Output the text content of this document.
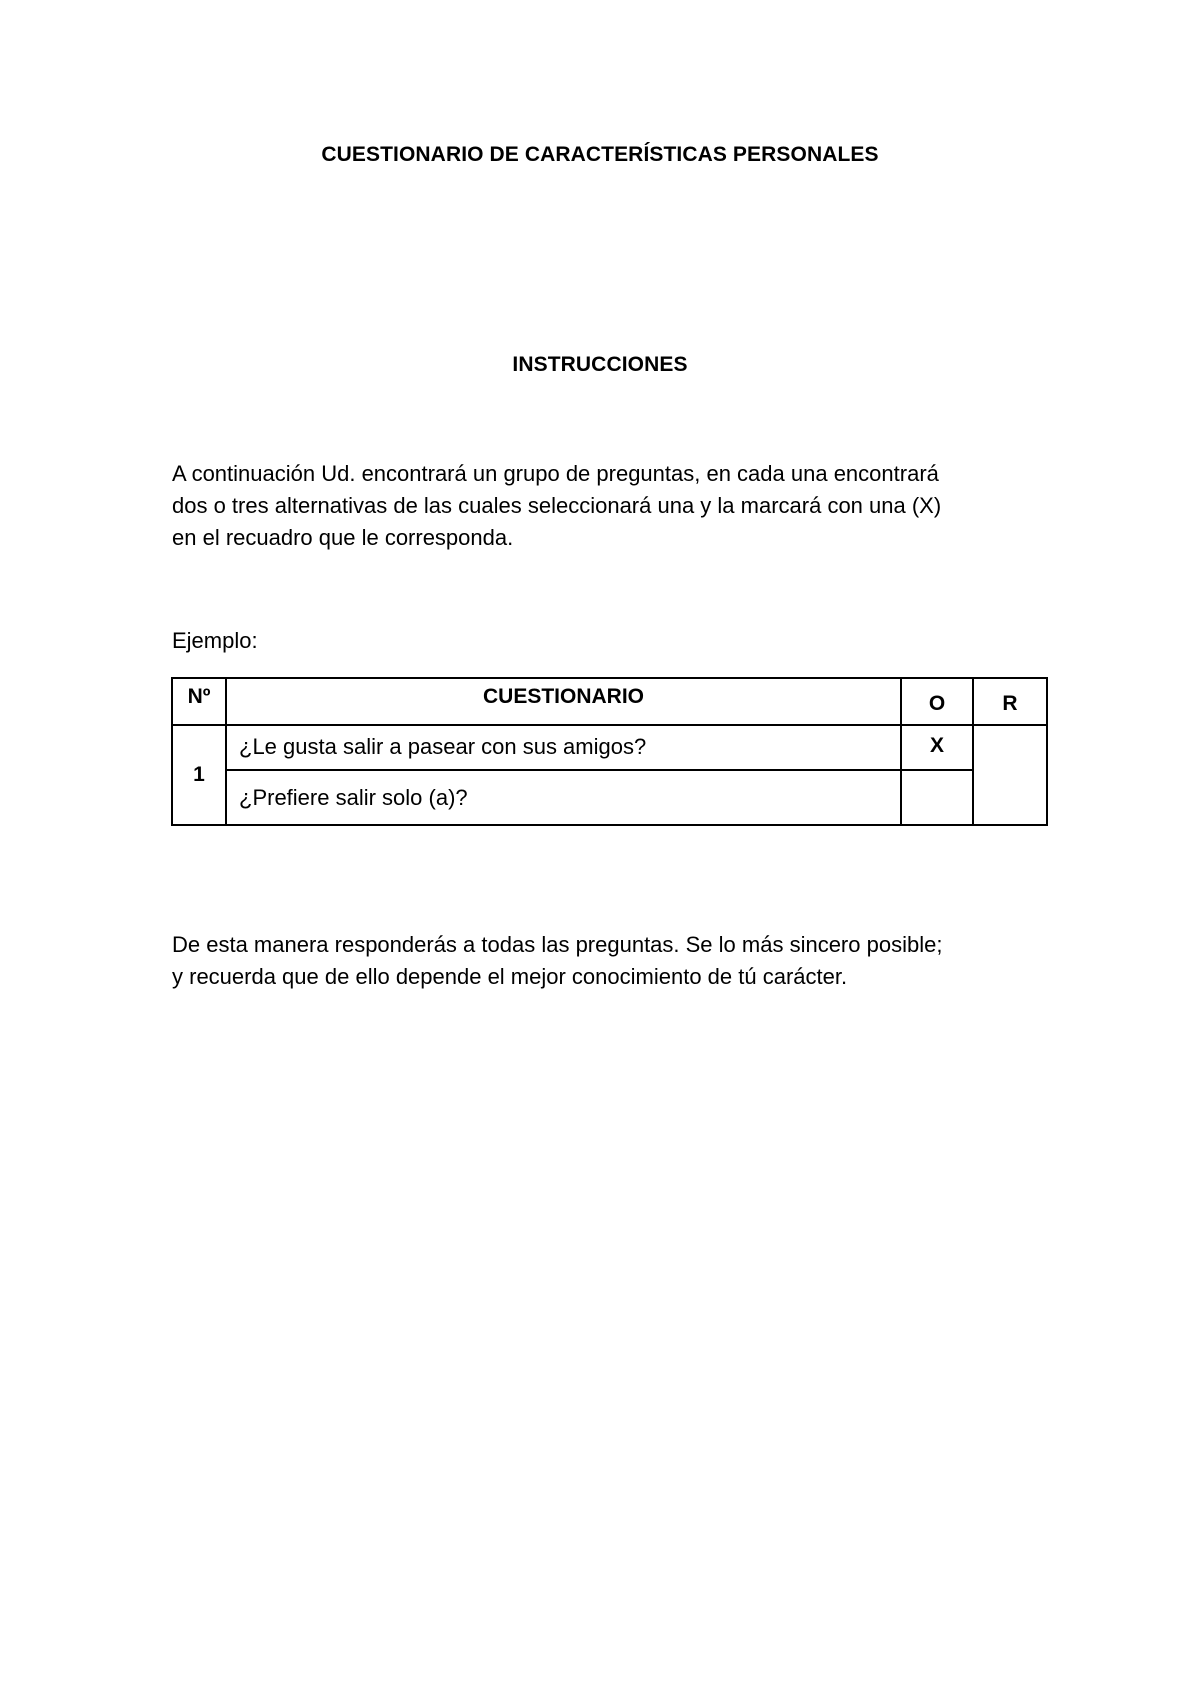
CUESTIONARIO DE CARACTERÍSTICAS PERSONALES
INSTRUCCIONES
A continuación Ud. encontrará un grupo de preguntas, en cada una encontrará
dos o tres alternativas de las cuales seleccionará una y la marcará con una (X)
en el recuadro que le corresponda.
Ejemplo:
Nº	CUESTIONARIO	O	R
1	¿Le gusta salir a pasear con sus amigos?	X	
	¿Prefiere salir solo (a)?		
De esta manera responderás a todas las preguntas. Se lo más sincero posible;
y recuerda que de ello depende el mejor conocimiento de tú carácter.
